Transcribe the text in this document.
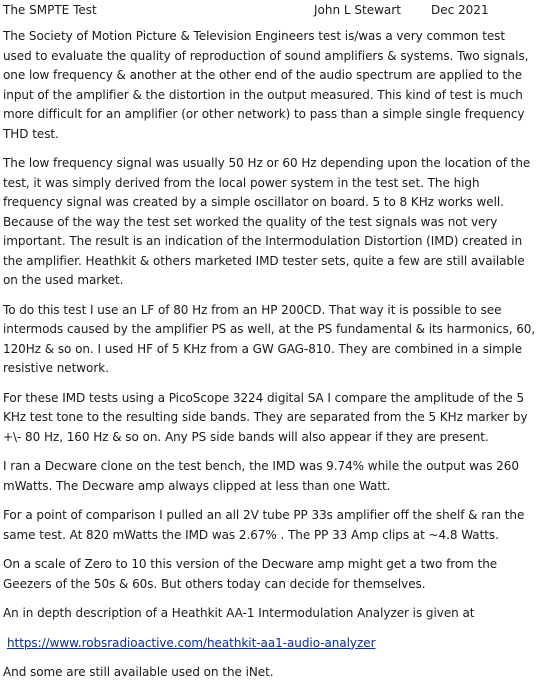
The SMPTE Test	John L Stewart	Dec 2021

The Society of Motion Picture & Television Engineers test is/was a very common test used to evaluate the quality of reproduction of sound amplifiers & systems. Two signals, one low frequency & another at the other end of the audio spectrum are applied to the input of the amplifier & the distortion in the output measured. This kind of test is much more difficult for an amplifier (or other network) to pass than a simple single frequency THD test.

The low frequency signal was usually 50 Hz or 60 Hz depending upon the location of the test, it was simply derived from the local power system in the test set. The high frequency signal was created by a simple oscillator on board. 5 to 8 KHz works well. Because of the way the test set worked the quality of the test signals was not very important. The result is an indication of the Intermodulation Distortion (IMD) created in the amplifier. Heathkit & others marketed IMD tester sets, quite a few are still available on the used market.

To do this test I use an LF of 80 Hz from an HP 200CD. That way it is possible to see intermods caused by the amplifier PS as well, at the PS fundamental & its harmonics, 60, 120Hz & so on. I used HF of 5 KHz from a GW GAG-810. They are combined in a simple resistive network.

For these IMD tests using a PicoScope 3224 digital SA I compare the amplitude of the 5 KHz test tone to the resulting side bands. They are separated from the 5 KHz marker by +\- 80 Hz, 160 Hz & so on. Any PS side bands will also appear if they are present.

I ran a Decware clone on the test bench, the IMD was 9.74% while the output was 260 mWatts. The Decware amp always clipped at less than one Watt.

For a point of comparison I pulled an all 2V tube PP 33s amplifier off the shelf & ran the same test. At 820 mWatts the IMD was 2.67% . The PP 33 Amp clips at ~4.8 Watts.

On a scale of Zero to 10 this version of the Decware amp might get a two from the Geezers of the 50s & 60s. But others today can decide for themselves.

An in depth description of a Heathkit AA-1 Intermodulation Analyzer is given at

https://www.robsradioactive.com/heathkit-aa1-audio-analyzer

And some are still available used on the iNet.
